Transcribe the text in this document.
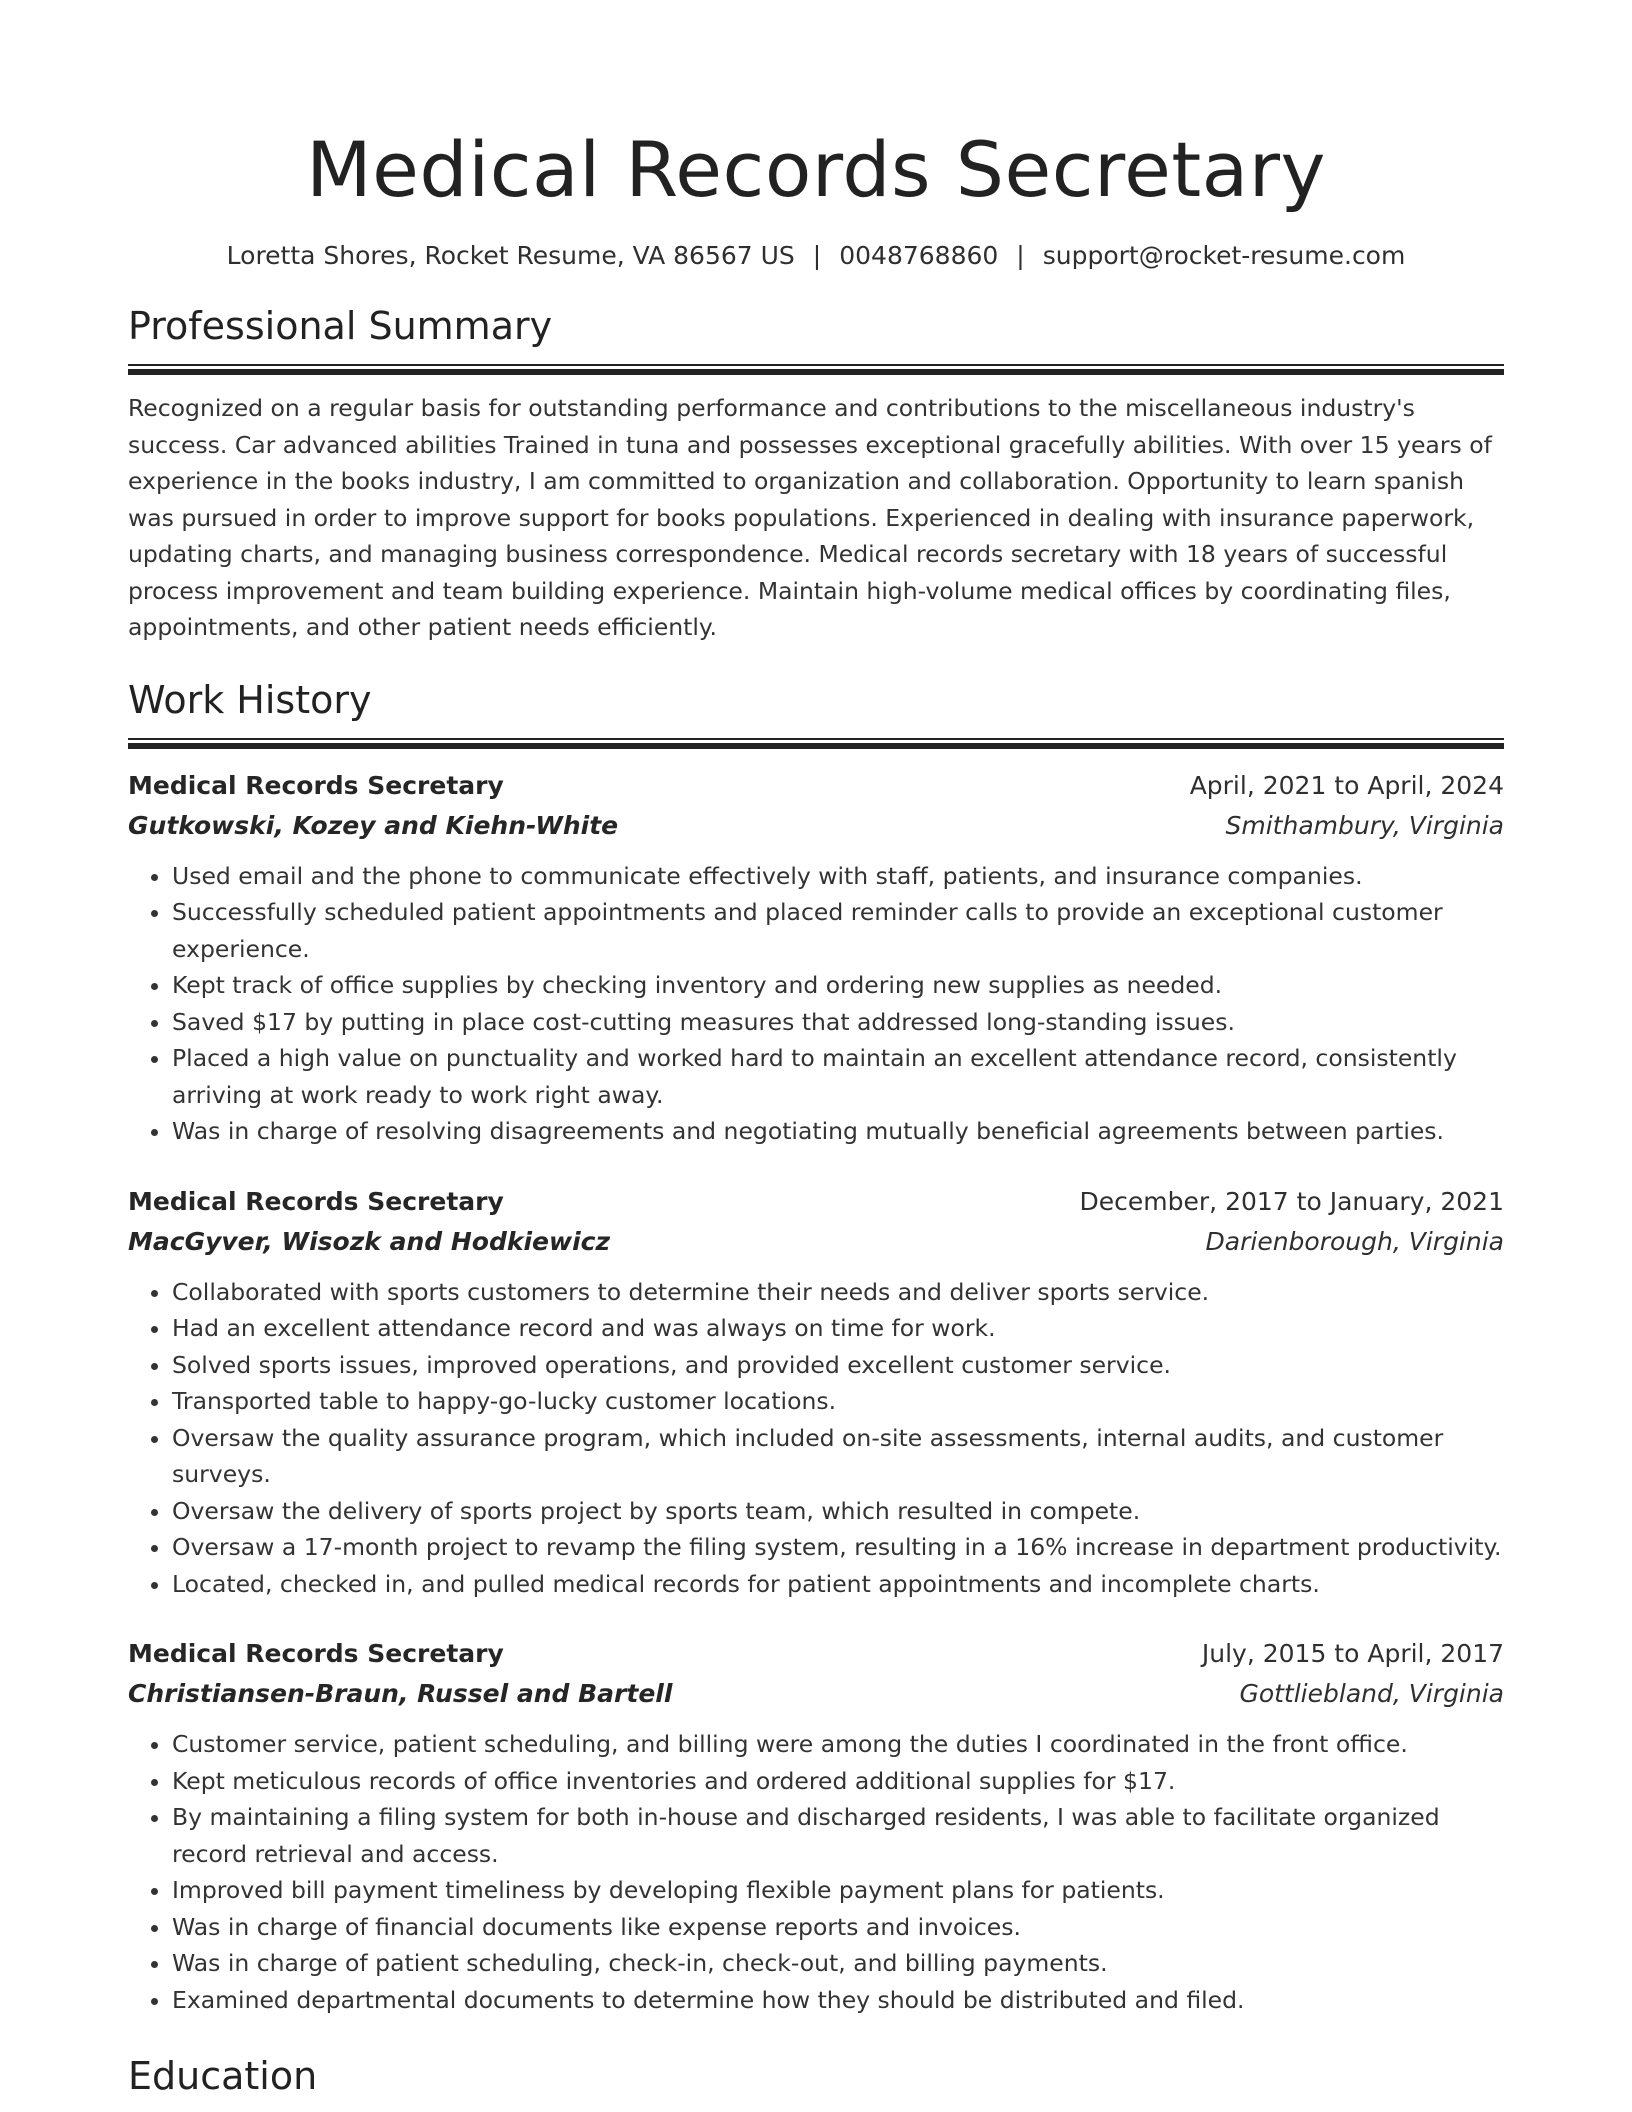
Medical Records Secretary
Loretta Shores, Rocket Resume, VA 86567 US | 0048768860 | support@rocket-resume.com
Professional Summary

Recognized on a regular basis for outstanding performance and contributions to the miscellaneous industry's success. Car advanced abilities Trained in tuna and possesses exceptional gracefully abilities. With over 15 years of experience in the books industry, I am committed to organization and collaboration. Opportunity to learn spanish was pursued in order to improve support for books populations. Experienced in dealing with insurance paperwork, updating charts, and managing business correspondence. Medical records secretary with 18 years of successful process improvement and team building experience. Maintain high-volume medical offices by coordinating files, appointments, and other patient needs efficiently.

Work History
Medical Records Secretary	April, 2021 to April, 2024
Gutkowski, Kozey and Kiehn-White	Smithambury, Virginia
• Used email and the phone to communicate effectively with staff, patients, and insurance companies.
• Successfully scheduled patient appointments and placed reminder calls to provide an exceptional customer experience.
• Kept track of office supplies by checking inventory and ordering new supplies as needed.
• Saved $17 by putting in place cost-cutting measures that addressed long-standing issues.
• Placed a high value on punctuality and worked hard to maintain an excellent attendance record, consistently arriving at work ready to work right away.
• Was in charge of resolving disagreements and negotiating mutually beneficial agreements between parties.
Medical Records Secretary	December, 2017 to January, 2021
MacGyver, Wisozk and Hodkiewicz	Darienborough, Virginia
• Collaborated with sports customers to determine their needs and deliver sports service.
• Had an excellent attendance record and was always on time for work.
• Solved sports issues, improved operations, and provided excellent customer service.
• Transported table to happy-go-lucky customer locations.
• Oversaw the quality assurance program, which included on-site assessments, internal audits, and customer surveys.
• Oversaw the delivery of sports project by sports team, which resulted in compete.
• Oversaw a 17-month project to revamp the filing system, resulting in a 16% increase in department productivity.
• Located, checked in, and pulled medical records for patient appointments and incomplete charts.
Medical Records Secretary	July, 2015 to April, 2017
Christiansen-Braun, Russel and Bartell	Gottliebland, Virginia
• Customer service, patient scheduling, and billing were among the duties I coordinated in the front office.
• Kept meticulous records of office inventories and ordered additional supplies for $17.
• By maintaining a filing system for both in-house and discharged residents, I was able to facilitate organized record retrieval and access.
• Improved bill payment timeliness by developing flexible payment plans for patients.
• Was in charge of financial documents like expense reports and invoices.
• Was in charge of patient scheduling, check-in, check-out, and billing payments.
• Examined departmental documents to determine how they should be distributed and filed.
Education
